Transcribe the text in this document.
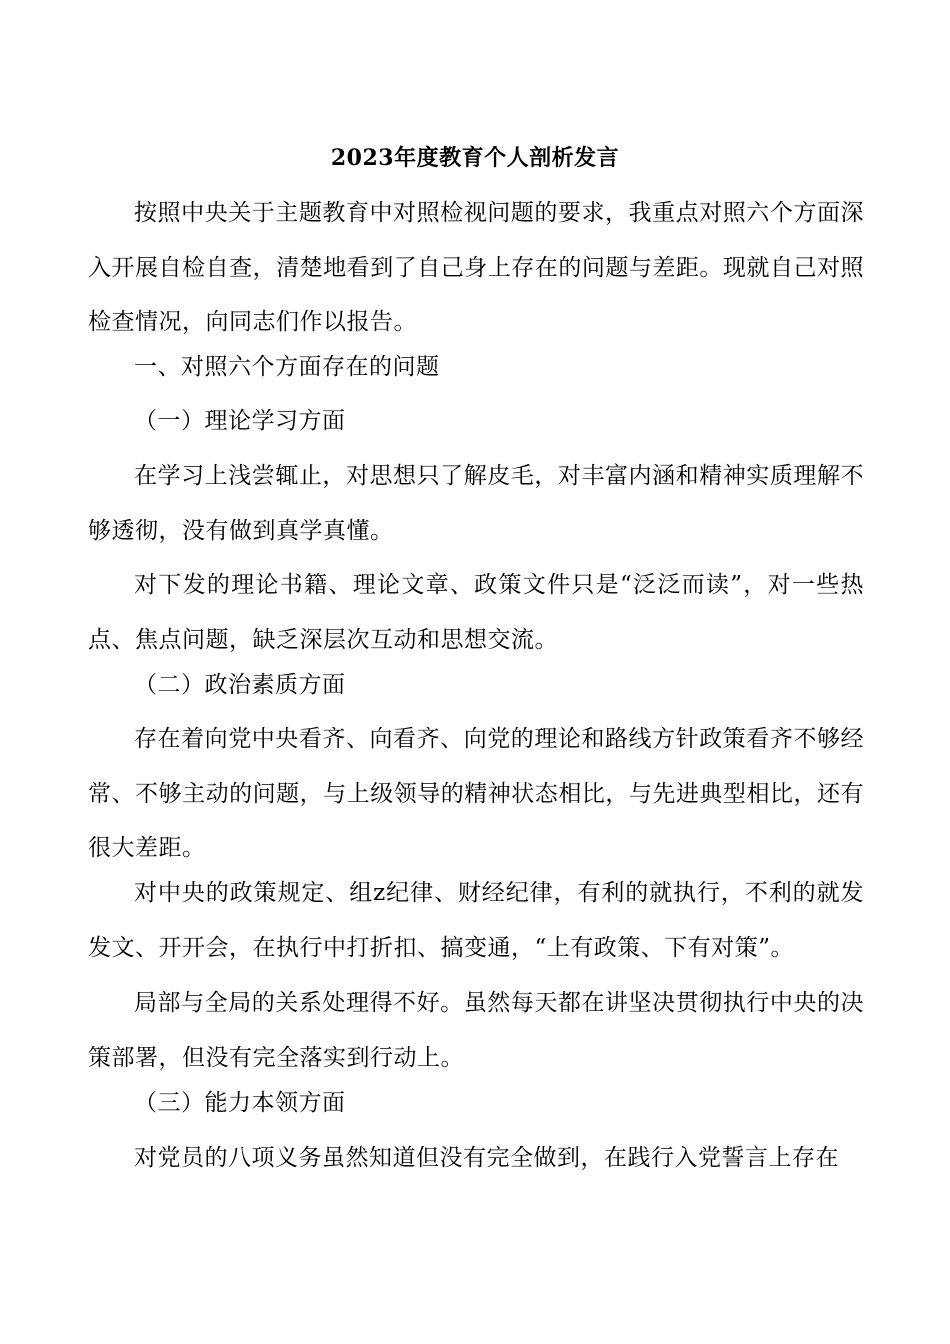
2023年度教育个人剖析发言

按照中央关于主题教育中对照检视问题的要求，我重点对照六个方面深入开展自检自查，清楚地看到了自己身上存在的问题与差距。现就自己对照检查情况，向同志们作以报告。

一、对照六个方面存在的问题

（一）理论学习方面

在学习上浅尝辄止，对思想只了解皮毛，对丰富内涵和精神实质理解不够透彻，没有做到真学真懂。

对下发的理论书籍、理论文章、政策文件只是“泛泛而读”，对一些热点、焦点问题，缺乏深层次互动和思想交流。

（二）政治素质方面

存在着向党中央看齐、向看齐、向党的理论和路线方针政策看齐不够经常、不够主动的问题，与上级领导的精神状态相比，与先进典型相比，还有很大差距。

对中央的政策规定、组z纪律、财经纪律，有利的就执行，不利的就发发文、开开会，在执行中打折扣、搞变通，“上有政策、下有对策”。

局部与全局的关系处理得不好。虽然每天都在讲坚决贯彻执行中央的决策部署，但没有完全落实到行动上。

（三）能力本领方面

对党员的八项义务虽然知道但没有完全做到，在践行入党誓言上存在
